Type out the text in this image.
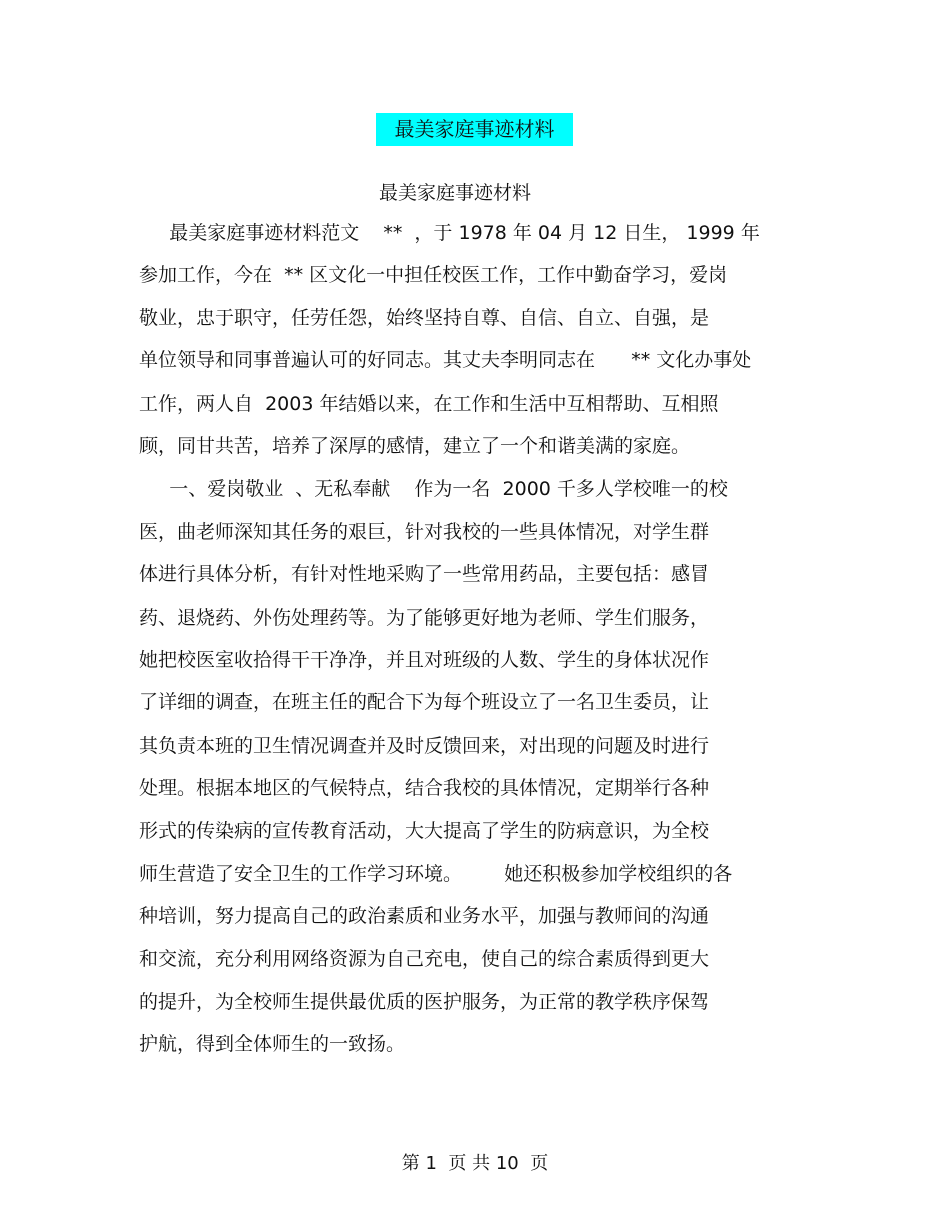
最美家庭事迹材料
最美家庭事迹材料
最美家庭事迹材料范文    **  ，于 1978 年 04 月 12 日生， 1999 年
参加工作，今在  ** 区文化一中担任校医工作，工作中勤奋学习，爱岗
敬业，忠于职守，任劳任怨，始终坚持自尊、自信、自立、自强，是
单位领导和同事普遍认可的好同志。其丈夫李明同志在      ** 文化办事处
工作，两人自  2003 年结婚以来，在工作和生活中互相帮助、互相照
顾，同甘共苦，培养了深厚的感情，建立了一个和谐美满的家庭。
一、爱岗敬业  、无私奉献    作为一名  2000 千多人学校唯一的校
医，曲老师深知其任务的艰巨，针对我校的一些具体情况，对学生群
体进行具体分析，有针对性地采购了一些常用药品，主要包括：感冒
药、退烧药、外伤处理药等。为了能够更好地为老师、学生们服务，
她把校医室收拾得干干净净，并且对班级的人数、学生的身体状况作
了详细的调查，在班主任的配合下为每个班设立了一名卫生委员，让
其负责本班的卫生情况调查并及时反馈回来，对出现的问题及时进行
处理。根据本地区的气候特点，结合我校的具体情况，定期举行各种
形式的传染病的宣传教育活动，大大提高了学生的防病意识，为全校
师生营造了安全卫生的工作学习环境。       她还积极参加学校组织的各
种培训，努力提高自己的政治素质和业务水平，加强与教师间的沟通
和交流，充分利用网络资源为自己充电，使自己的综合素质得到更大
的提升，为全校师生提供最优质的医护服务，为正常的教学秩序保驾
护航，得到全体师生的一致扬。
第 1  页 共 10  页
